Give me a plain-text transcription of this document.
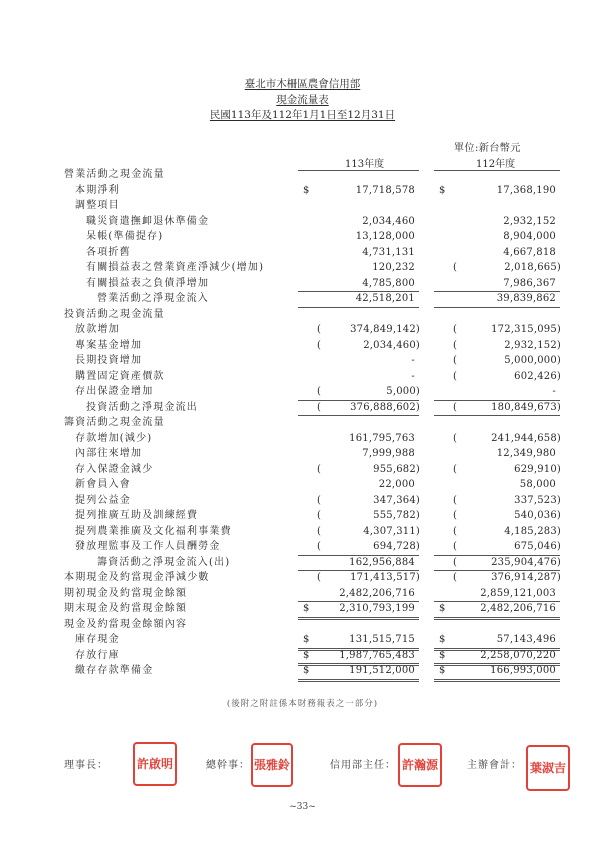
臺北市木柵區農會信用部
現金流量表
民國113年及112年1月1日至12月31日
單位:新台幣元
113年度	112年度
營業活動之現金流量
本期淨利	$	17,718,578 $	17,368,190
調整項目
職災資遣撫卹退休準備金	2,034,460	2,932,152
呆帳(準備提存)	13,128,000	8,904,000
各項折舊	4,731,131	4,667,818
有關損益表之營業資產淨減少(增加)	120,232	(	2,018,665)
有關損益表之負債淨增加	4,785,800	7,986,367
營業活動之淨現金流入	42,518,201	39,839,862
投資活動之現金流量
放款增加	(	374,849,142)	(	172,315,095)
專案基金增加	(	2,034,460)	(	2,932,152)
長期投資增加	-	(	5,000,000)
購置固定資產價款	-	(	602,426)
存出保證金增加	(	5,000)	-
投資活動之淨現金流出	(	376,888,602)	(	180,849,673)
籌資活動之現金流量
存款增加(減少)	161,795,763	(	241,944,658)
內部往來增加	7,999,988	12,349,980
存入保證金減少	(	955,682)	(	629,910)
新會員入會	22,000	58,000
提列公益金	(	347,364)	(	337,523)
提列推廣互助及訓練經費	(	555,782)	(	540,036)
提列農業推廣及文化福利事業費	(	4,307,311)	(	4,185,283)
發放理監事及工作人員酬勞金	(	694,728)	(	675,046)
籌資活動之淨現金流入(出)	162,956,884	(	235,904,476)
本期現金及約當現金淨減少數	(	171,413,517)	(	376,914,287)
期初現金及約當現金餘額	2,482,206,716	2,859,121,003
期末現金及約當現金餘額	$	2,310,793,199 $	2,482,206,716
現金及約當現金餘額內容
庫存現金	$	131,515,715 $	57,143,496
存放行庫	$	1,987,765,483 $	2,258,070,220
繳存存款準備金	$	191,512,000 $	166,993,000
(後附之附註係本財務報表之一部分)
理事長： 許啟明	總幹事： 張雅鈴	信用部主任： 許瀚源	主辦會計： 葉淑吉
~33~
